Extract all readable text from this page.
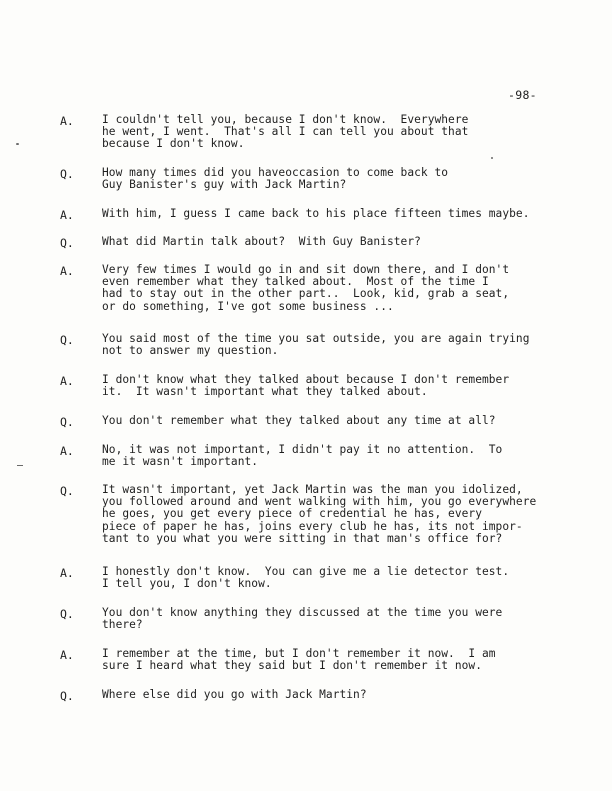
-98-
A.	I couldn't tell you, because I don't know.  Everywhere
he went, I went.  That's all I can tell you about that
because I don't know.
Q.	How many times did you haveoccasion to come back to
Guy Banister's guy with Jack Martin?
A.	With him, I guess I came back to his place fifteen times maybe.
Q.	What did Martin talk about?  With Guy Banister?
A.	Very few times I would go in and sit down there, and I don't
even remember what they talked about.  Most of the time I
had to stay out in the other part..  Look, kid, grab a seat,
or do something, I've got some business ...
Q.	You said most of the time you sat outside, you are again trying
not to answer my question.
A.	I don't know what they talked about because I don't remember
it.  It wasn't important what they talked about.
Q.	You don't remember what they talked about any time at all?
A.	No, it was not important, I didn't pay it no attention.  To
me it wasn't important.
Q.	It wasn't important, yet Jack Martin was the man you idolized,
you followed around and went walking with him, you go everywhere
he goes, you get every piece of credential he has, every
piece of paper he has, joins every club he has, its not impor-
tant to you what you were sitting in that man's office for?
A.	I honestly don't know.  You can give me a lie detector test.
I tell you, I don't know.
Q.	You don't know anything they discussed at the time you were
there?
A.	I remember at the time, but I don't remember it now.  I am
sure I heard what they said but I don't remember it now.
Q.	Where else did you go with Jack Martin?
